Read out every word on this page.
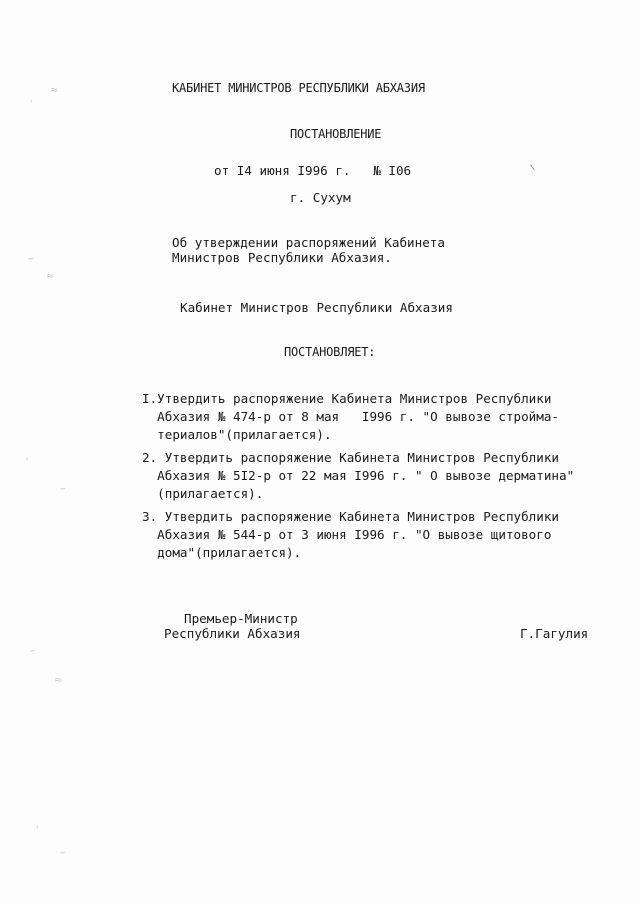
≈
ʿ
‴
≈
ʿ
‴
‴
≈
ʿ
‴
КАБИНЕТ МИНИСТРОВ РЕСПУБЛИКИ АБХАЗИЯ
ПОСТАНОВЛЕНИЕ
от I4 июня I996 г.   № I06
г. Сухум
Об утверждении распоряжений Кабинета
Министров Республики Абхазия.
Кабинет Министров Республики Абхазия
ПОСТАНОВЛЯЕТ:
I.Утвердить распоряжение Кабинета Министров Республики
Абхазия № 474-р от 8 мая   I996 г. "О вывозе стройма-
териалов"(прилагается).
2. Утвердить распоряжение Кабинета Министров Республики
Абхазия № 5I2-р от 22 мая I996 г. " О вывозе дерматина"
(прилагается).
3. Утвердить распоряжение Кабинета Министров Республики
Абхазия № 544-р от 3 июня I996 г. "О вывозе щитового
дома"(прилагается).
Премьер-Министр
Республики Абхазия	Г.Гагулия
